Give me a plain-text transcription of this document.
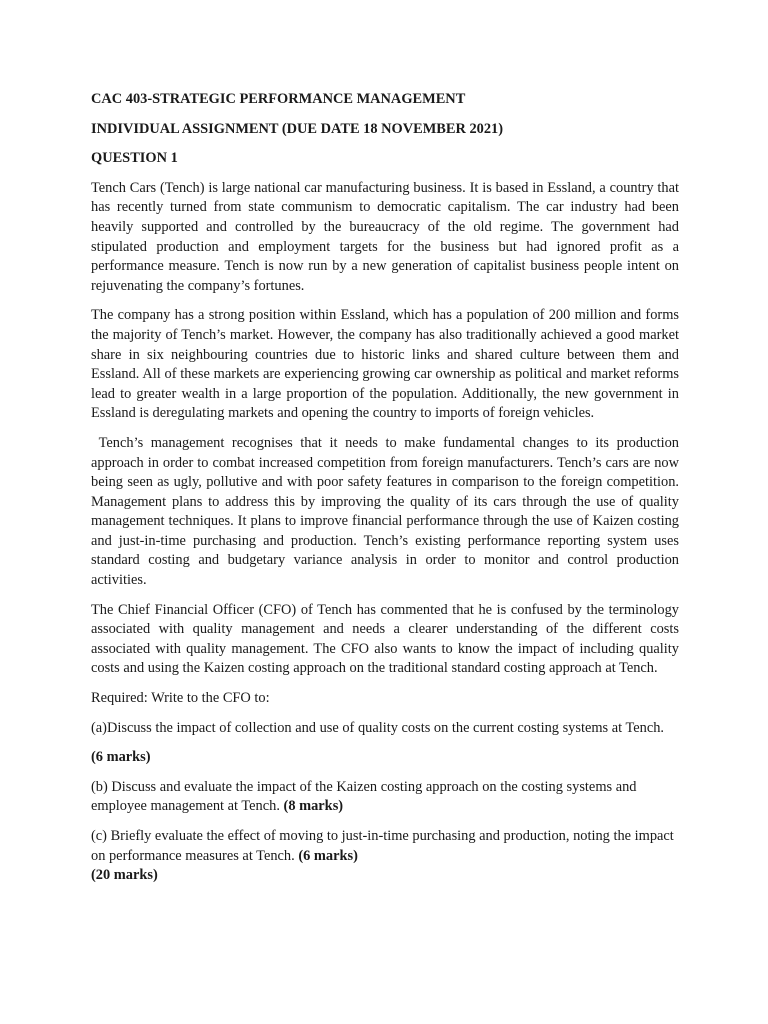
CAC 403-STRATEGIC PERFORMANCE MANAGEMENT

INDIVIDUAL ASSIGNMENT (DUE DATE 18 NOVEMBER 2021)

QUESTION 1

Tench Cars (Tench) is large national car manufacturing business. It is based in Essland, a country that has recently turned from state communism to democratic capitalism. The car industry had been heavily supported and controlled by the bureaucracy of the old regime. The government had stipulated production and employment targets for the business but had ignored profit as a performance measure. Tench is now run by a new generation of capitalist business people intent on rejuvenating the company’s fortunes.

The company has a strong position within Essland, which has a population of 200 million and forms the majority of Tench’s market. However, the company has also traditionally achieved a good market share in six neighbouring countries due to historic links and shared culture between them and Essland. All of these markets are experiencing growing car ownership as political and market reforms lead to greater wealth in a large proportion of the population. Additionally, the new government in Essland is deregulating markets and opening the country to imports of foreign vehicles.

Tench’s management recognises that it needs to make fundamental changes to its production approach in order to combat increased competition from foreign manufacturers. Tench’s cars are now being seen as ugly, pollutive and with poor safety features in comparison to the foreign competition. Management plans to address this by improving the quality of its cars through the use of quality management techniques. It plans to improve financial performance through the use of Kaizen costing and just-in-time purchasing and production. Tench’s existing performance reporting system uses standard costing and budgetary variance analysis in order to monitor and control production activities.

The Chief Financial Officer (CFO) of Tench has commented that he is confused by the terminology associated with quality management and needs a clearer understanding of the different costs associated with quality management. The CFO also wants to know the impact of including quality costs and using the Kaizen costing approach on the traditional standard costing approach at Tench.

Required: Write to the CFO to:

(a)Discuss the impact of collection and use of quality costs on the current costing systems at Tench.

(6 marks)

(b) Discuss and evaluate the impact of the Kaizen costing approach on the costing systems and employee management at Tench. (8 marks)

(c) Briefly evaluate the effect of moving to just-in-time purchasing and production, noting the impact on performance measures at Tench. (6 marks)

(20 marks)
